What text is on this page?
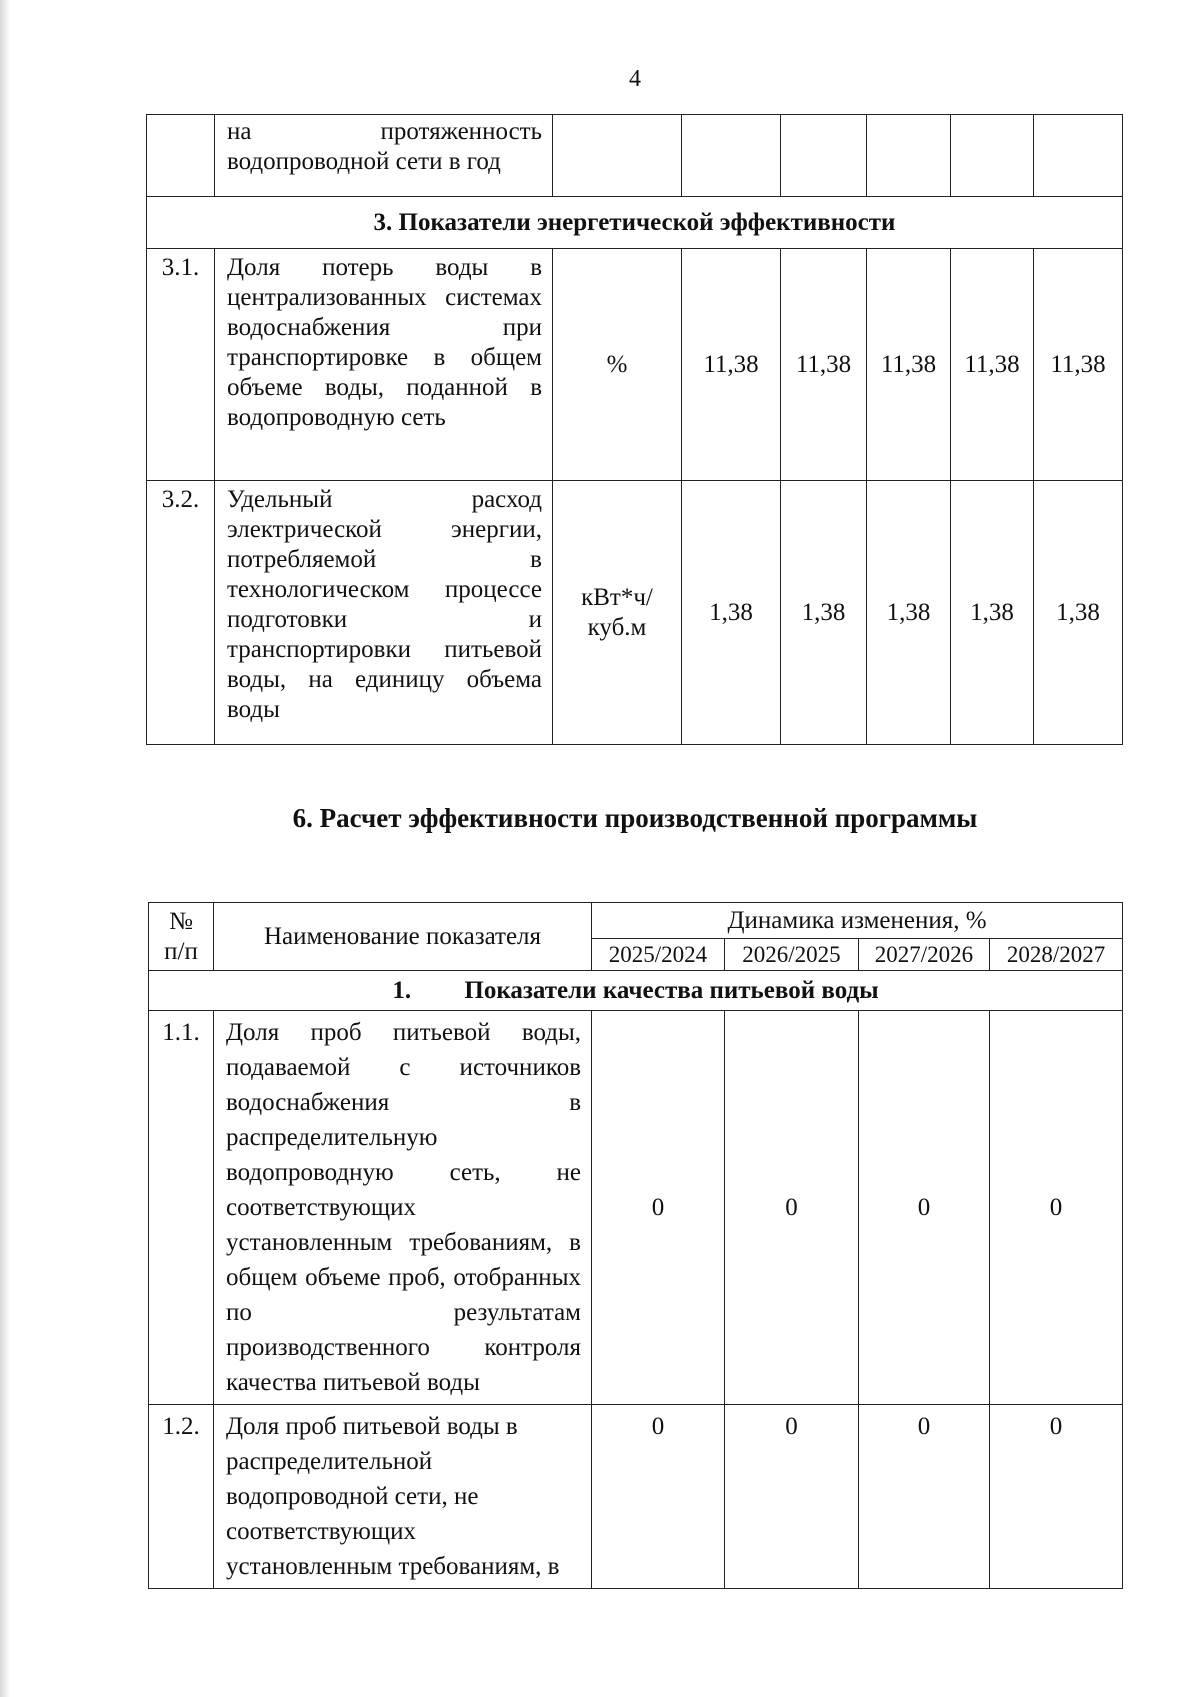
4

	на протяженность
водопроводной сети в год						

3. Показатели энергетической эффективности							
3.1.	Доля потерь воды в централизованных системах водоснабжения при транспортировке в общем объеме воды, поданной в водопроводную сеть	%	11,38	11,38	11,38	11,38	11,38
3.2.	Удельный расход электрической энергии, потребляемой в технологическом процессе подготовки и транспортировки питьевой воды, на единицу объема воды	кВт*ч/
куб.м	1,38	1,38	1,38	1,38	1,38
6. Расчет эффективности производственной программы
№
п/п	Наименование показателя	Динамика изменения, %			
		2025/2024	2026/2025	2027/2026	2028/2027
1. Показатели качества питьевой воды					
1.1.	Доля проб питьевой воды, подаваемой с источников водоснабжения в распределительную водопроводную сеть, не соответствующих установленным требованиям, в общем объеме проб, отобранных по результатам производственного контроля качества питьевой воды	0	0	0	0
1.2.	Доля проб питьевой воды в распределительной водопроводной сети, не соответствующих установленным требованиям, в	0	0	0	0
